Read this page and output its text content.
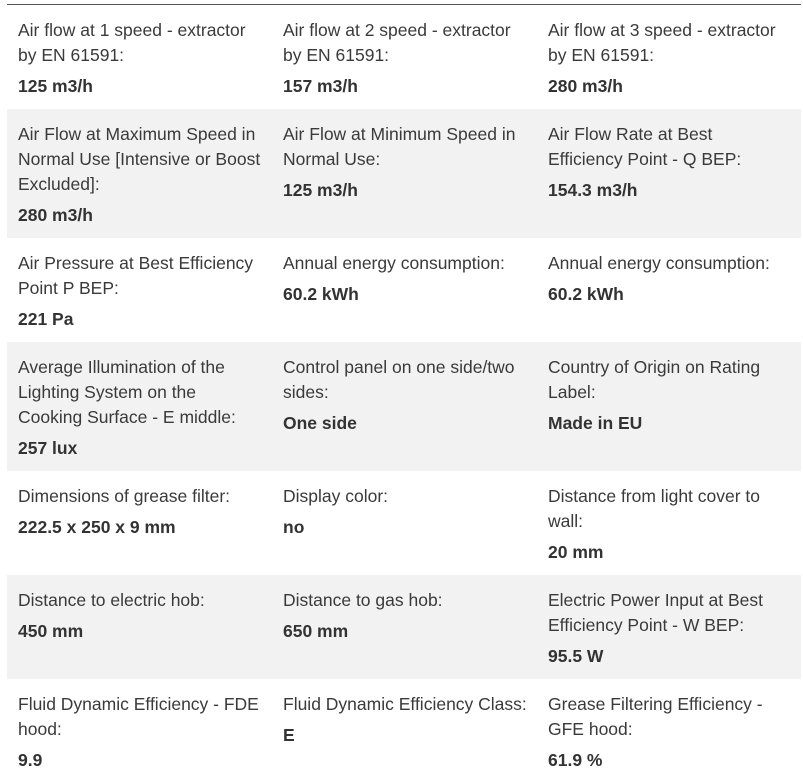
Air flow at 1 speed - extractor by EN 61591:
125 m3/h
Air flow at 2 speed - extractor by EN 61591:
157 m3/h
Air flow at 3 speed - extractor by EN 61591:
280 m3/h
Air Flow at Maximum Speed in Normal Use [Intensive or Boost Excluded]:
280 m3/h
Air Flow at Minimum Speed in Normal Use:
125 m3/h
Air Flow Rate at Best Efficiency Point - Q BEP:
154.3 m3/h
Air Pressure at Best Efficiency Point P BEP:
221 Pa
Annual energy consumption:
60.2 kWh
Annual energy consumption:
60.2 kWh
Average Illumination of the Lighting System on the Cooking Surface - E middle:
257 lux
Control panel on one side/two sides:
One side
Country of Origin on Rating Label:
Made in EU
Dimensions of grease filter:
222.5 x 250 x 9 mm
Display color:
no
Distance from light cover to wall:
20 mm
Distance to electric hob:
450 mm
Distance to gas hob:
650 mm
Electric Power Input at Best Efficiency Point - W BEP:
95.5 W
Fluid Dynamic Efficiency - FDE hood:
9.9
Fluid Dynamic Efficiency Class:
E
Grease Filtering Efficiency - GFE hood:
61.9 %
